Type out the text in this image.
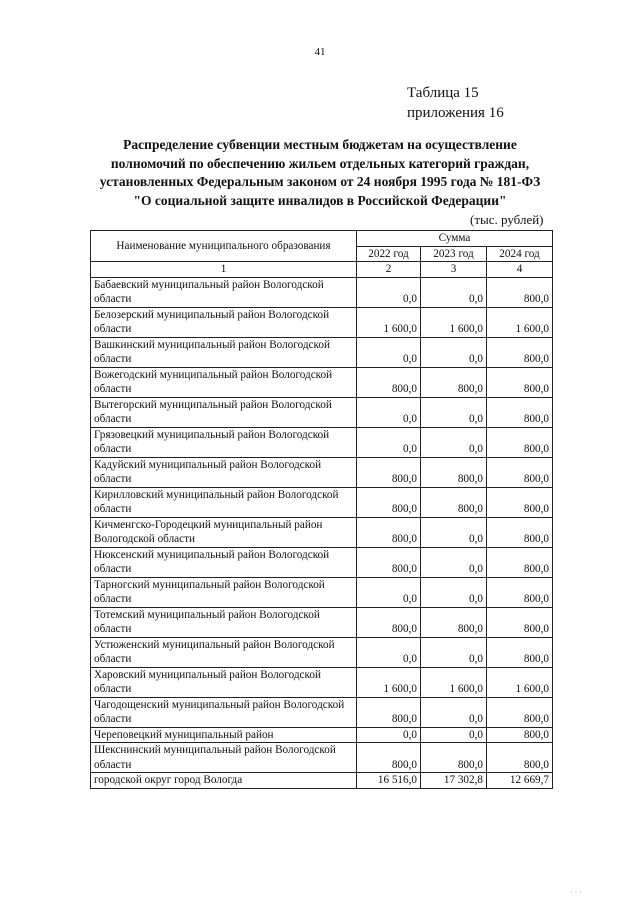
41
Таблица 15
приложения 16
Распределение субвенции местным бюджетам на осуществление
полномочий по обеспечению жильем отдельных категорий граждан,
установленных Федеральным законом от 24 ноября 1995 года № 181-ФЗ
"О социальной защите инвалидов в Российской Федерации"
(тыс. рублей)
Наименование муниципального образования	Сумма		
	2022 год	2023 год	2024 год
1	2	3	4
Бабаевский муниципальный район Вологодской области	0,0	0,0	800,0
Белозерский муниципальный район Вологодской области	1 600,0	1 600,0	1 600,0
Вашкинский муниципальный район Вологодской области	0,0	0,0	800,0
Вожегодский муниципальный район Вологодской области	800,0	800,0	800,0
Вытегорский муниципальный район Вологодской области	0,0	0,0	800,0
Грязовецкий муниципальный район Вологодской области	0,0	0,0	800,0
Кадуйский муниципальный район Вологодской области	800,0	800,0	800,0
Кирилловский муниципальный район Вологодской области	800,0	800,0	800,0
Кичменгско-Городецкий муниципальный район Вологодской области	800,0	0,0	800,0
Нюксенский муниципальный район Вологодской области	800,0	0,0	800,0
Тарногский муниципальный район Вологодской области	0,0	0,0	800,0
Тотемский муниципальный район Вологодской области	800,0	800,0	800,0
Устюженский муниципальный район Вологодской области	0,0	0,0	800,0
Харовский муниципальный район Вологодской области	1 600,0	1 600,0	1 600,0
Чагодощенский муниципальный район Вологодской области	800,0	0,0	800,0
Череповецкий муниципальный район	0,0	0,0	800,0
Шекснинский муниципальный район Вологодской области	800,0	800,0	800,0
городской округ город Вологда	16 516,0	17 302,8	12 669,7
· · ·
